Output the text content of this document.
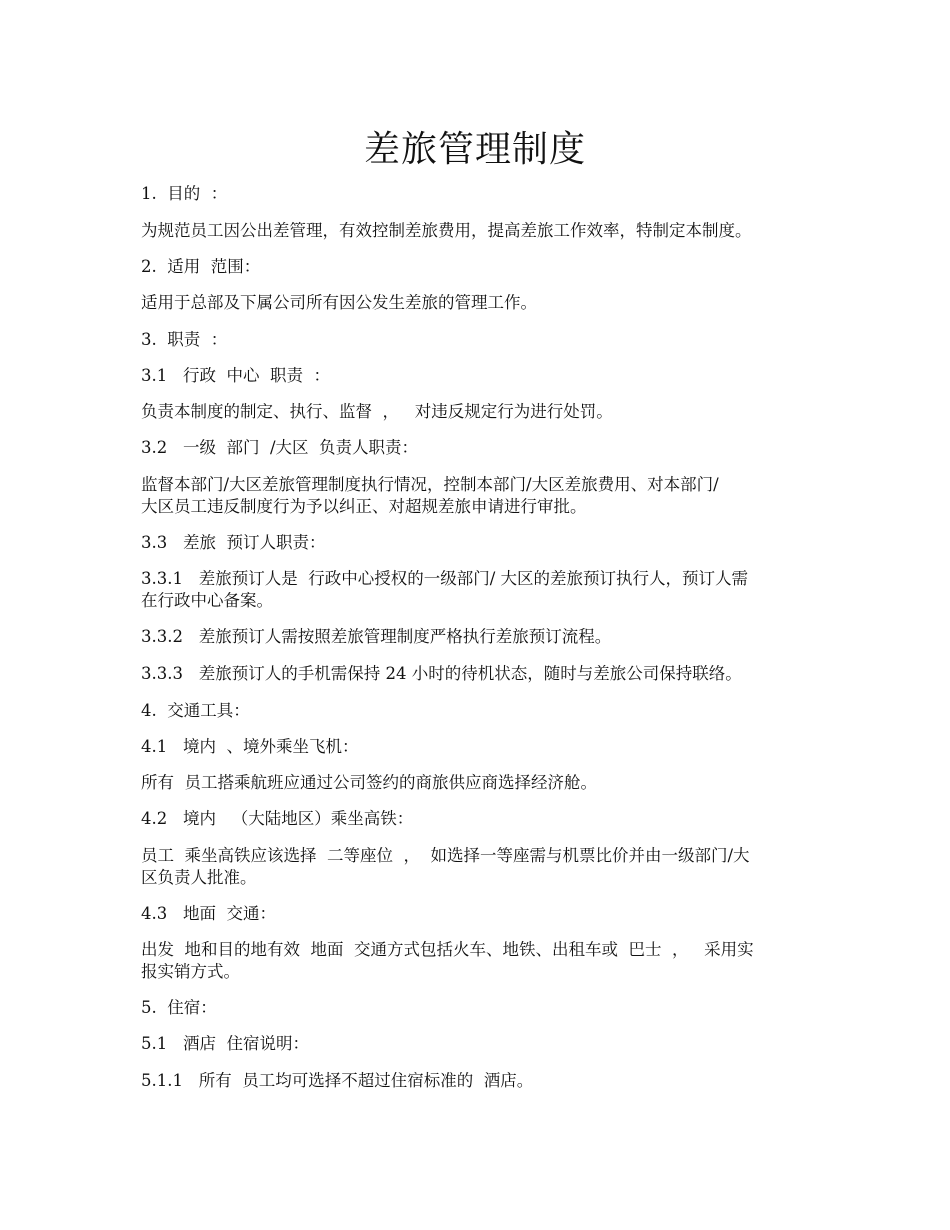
差旅管理制度
1.  目的  ：
为规范员工因公出差管理，有效控制差旅费用，提高差旅工作效率，特制定本制度。
2.  适用  范围：
适用于总部及下属公司所有因公发生差旅的管理工作。
3.  职责  ：
3.1   行政  中心  职责  ：
负责本制度的制定、执行、监督  ，   对违反规定行为进行处罚。
3.2   一级  部门  /大区  负责人职责：
监督本部门/大区差旅管理制度执行情况，控制本部门/大区差旅费用、对本部门/
大区员工违反制度行为予以纠正、对超规差旅申请进行审批。
3.3   差旅  预订人职责：
3.3.1   差旅预订人是  行政中心授权的一级部门/ 大区的差旅预订执行人，预订人需
在行政中心备案。
3.3.2   差旅预订人需按照差旅管理制度严格执行差旅预订流程。
3.3.3   差旅预订人的手机需保持 24 小时的待机状态，随时与差旅公司保持联络。
4.  交通工具：
4.1   境内  、境外乘坐飞机：
所有  员工搭乘航班应通过公司签约的商旅供应商选择经济舱。
4.2   境内   （大陆地区）乘坐高铁：
员工  乘坐高铁应该选择  二等座位  ，  如选择一等座需与机票比价并由一级部门/大
区负责人批准。
4.3   地面  交通：
出发  地和目的地有效  地面  交通方式包括火车、地铁、出租车或  巴士  ，   采用实
报实销方式。
5.  住宿：
5.1   酒店  住宿说明：
5.1.1   所有  员工均可选择不超过住宿标准的  酒店。
